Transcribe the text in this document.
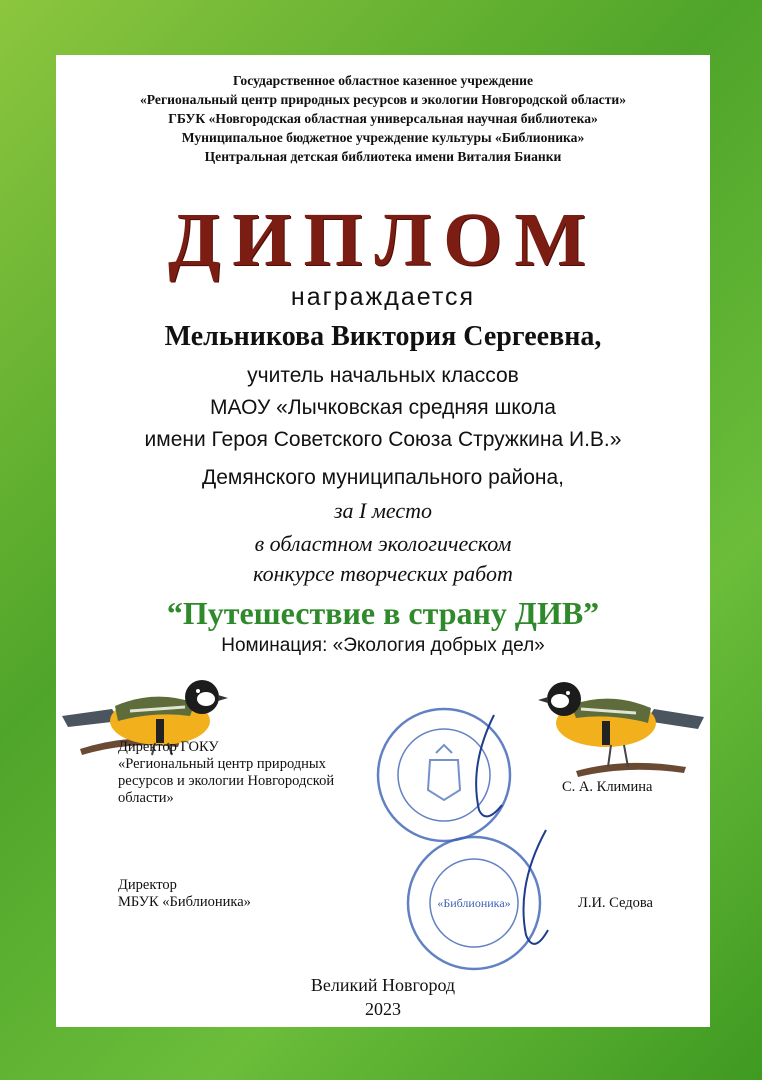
Государственное областное казенное учреждение
«Региональный центр природных ресурсов и экологии Новгородской области»
ГБУК «Новгородская областная универсальная научная библиотека»
Муниципальное бюджетное учреждение культуры «Библионика»
Центральная детская библиотека имени Виталия Бианки
ДИПЛОМ
награждается
Мельникова Виктория Сергеевна,
учитель начальных классов
МАОУ «Лычковская средняя школа
имени Героя Советского Союза Стружкина И.В.»
Демянского муниципального района,
за I место
в областном экологическом
конкурсе творческих работ
“Путешествие в страну ДИВ”
Номинация: «Экология добрых дел»
Директор ГОКУ
«Региональный центр природных
ресурсов и экологии Новгородской
области»
С. А. Климина
Директор
МБУК «Библионика»	Л.И. Седова
«Библионика»
Великий Новгород
2023
